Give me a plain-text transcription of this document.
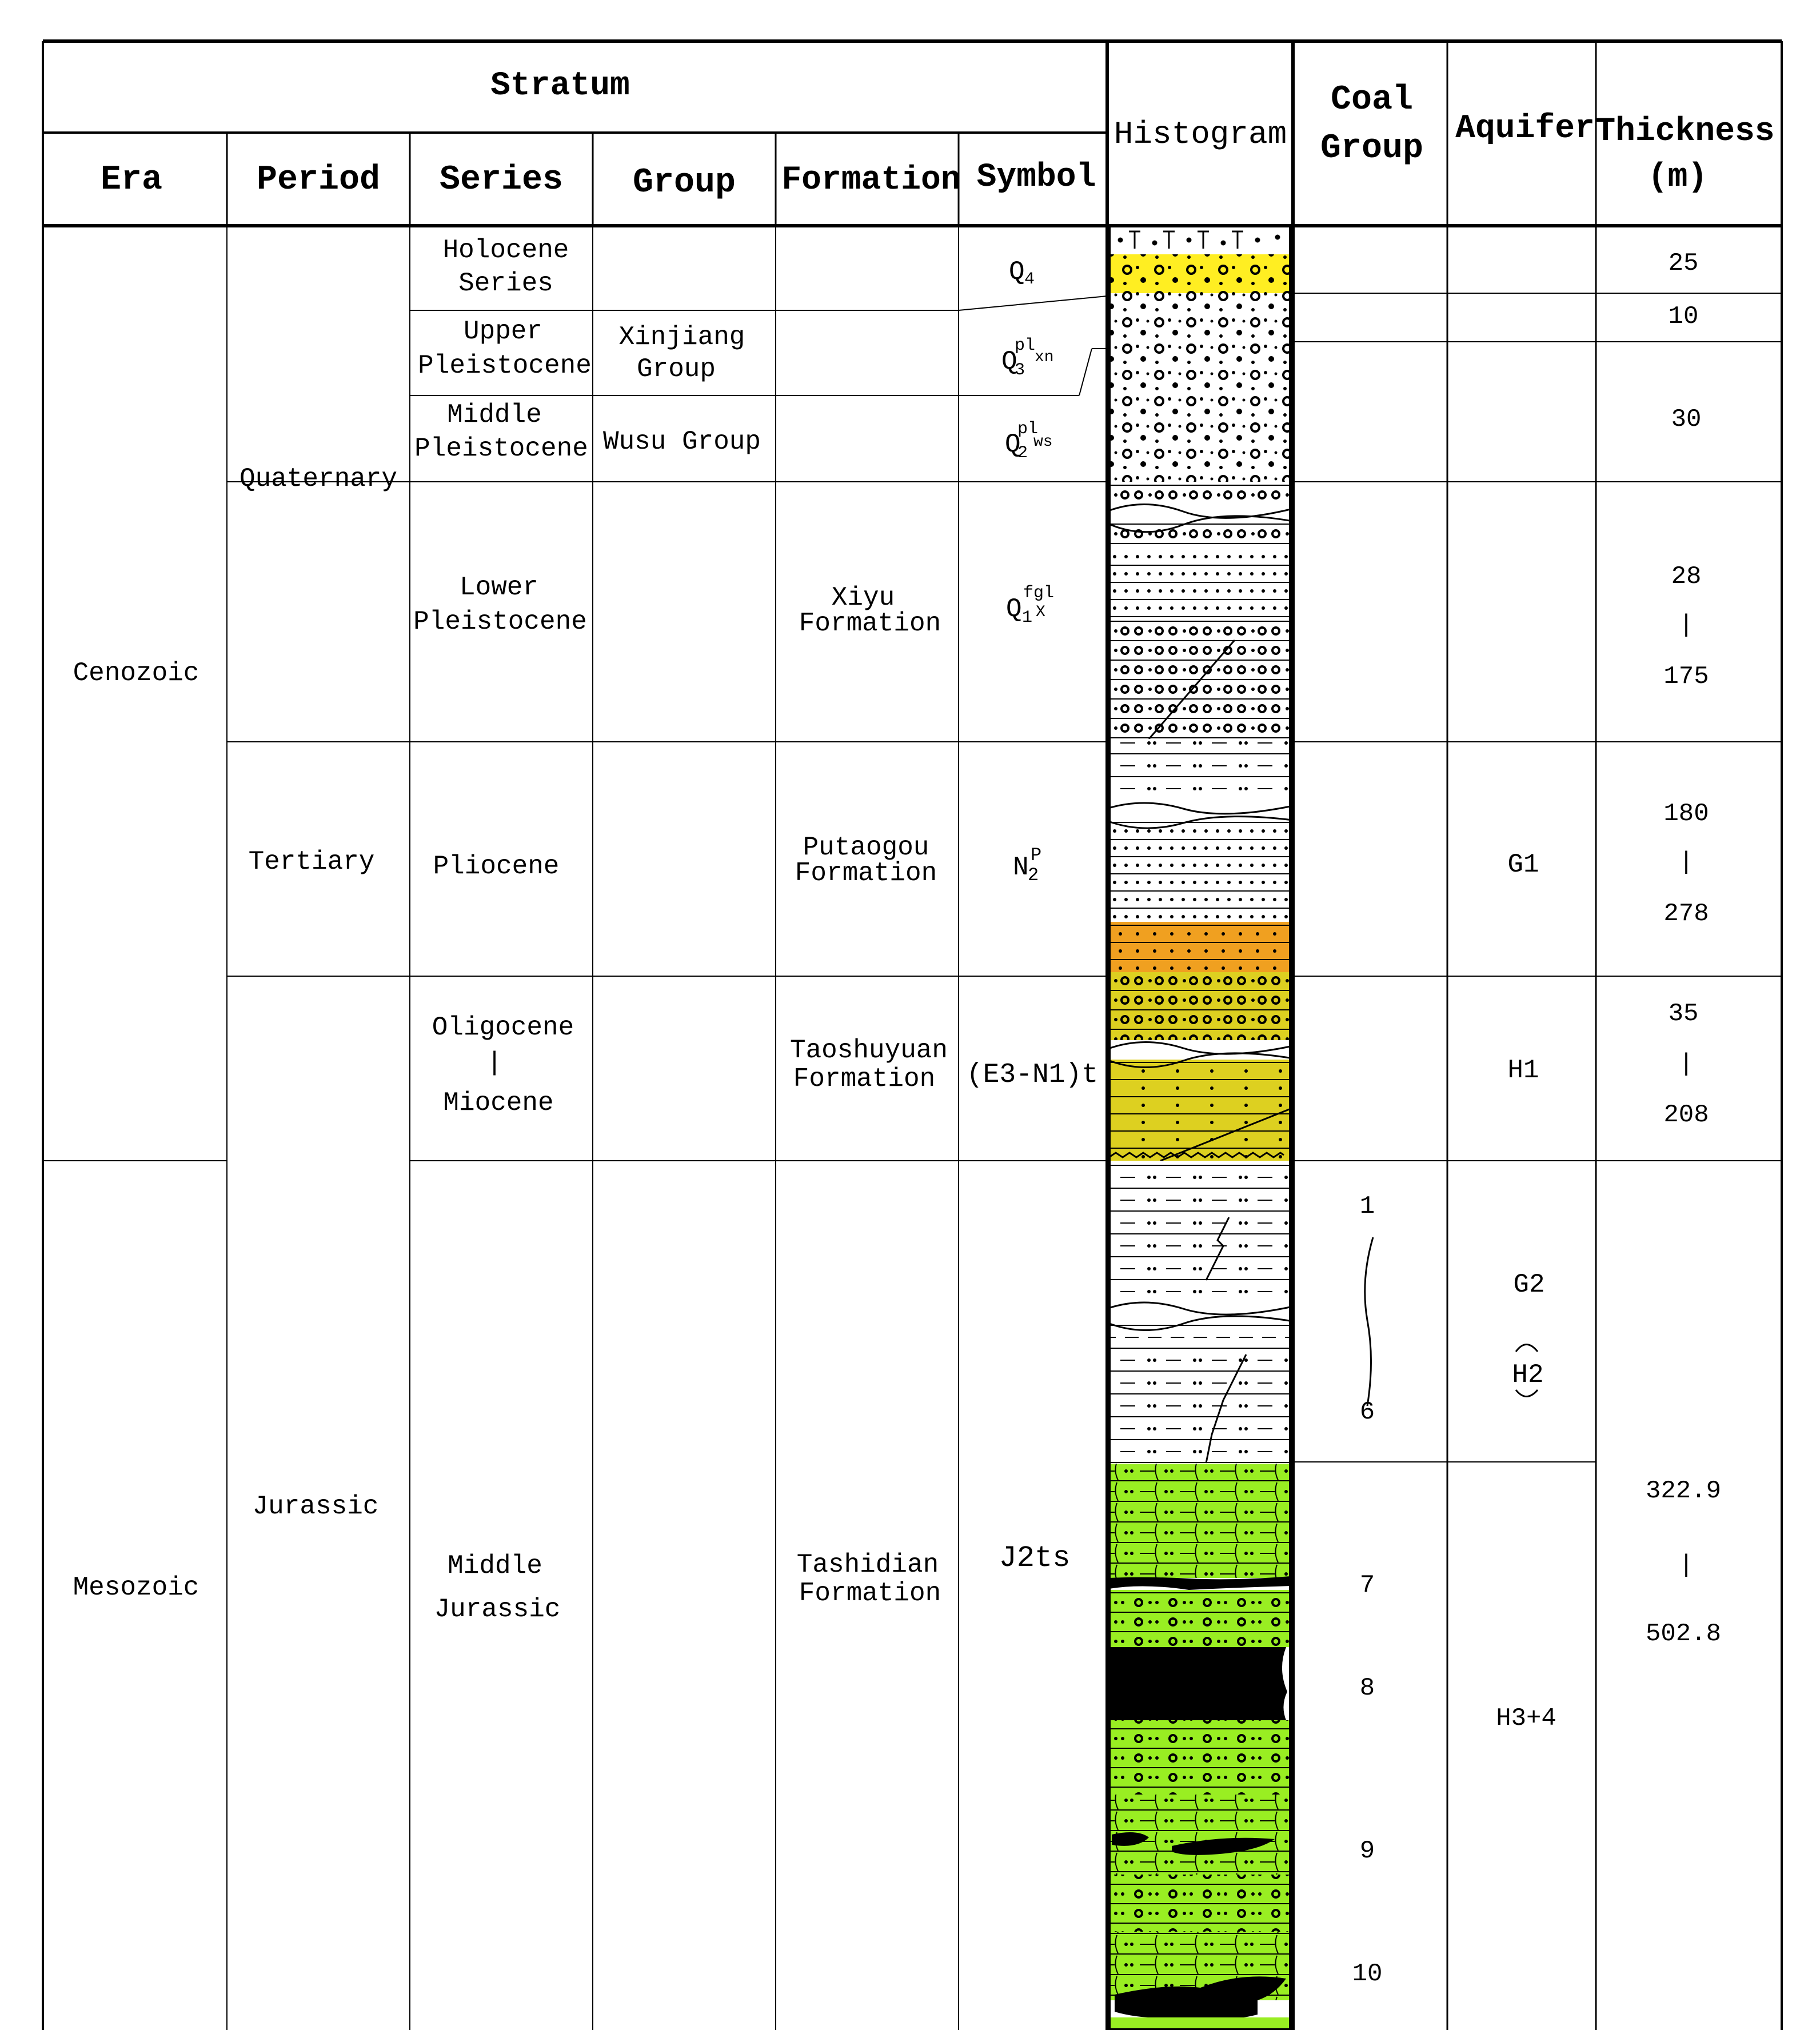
Stratum
Era	Period Series Group Formation Symbol
Histogram
Coal
Group
Aquifer Thickness
(m)
Cenozoic
Mesozoic
Quaternary
Tertiary
Jurassic
Holocene
Series
Upper
Pleistocene
Middle
Pleistocene
Lower
Pleistocene
Pliocene
Oligocene
|
Miocene
Middle
Jurassic
Xinjiang
Group
Wusu Group
Xiyu
Formation
Putaogou
Formation
Taoshuyuan
Formation
Tashidian
Formation
Q 4
Q
pl
3
xn
Q
pl
2
ws
Q
fgl
1 X
N P
2
(E3-N1)t
J2ts
1
6
7
8
9
10
G1
H1
G2
H2
H3+4
25
10
30
28
|
175
180
|
278
35
|
208
322.9
|
502.8
